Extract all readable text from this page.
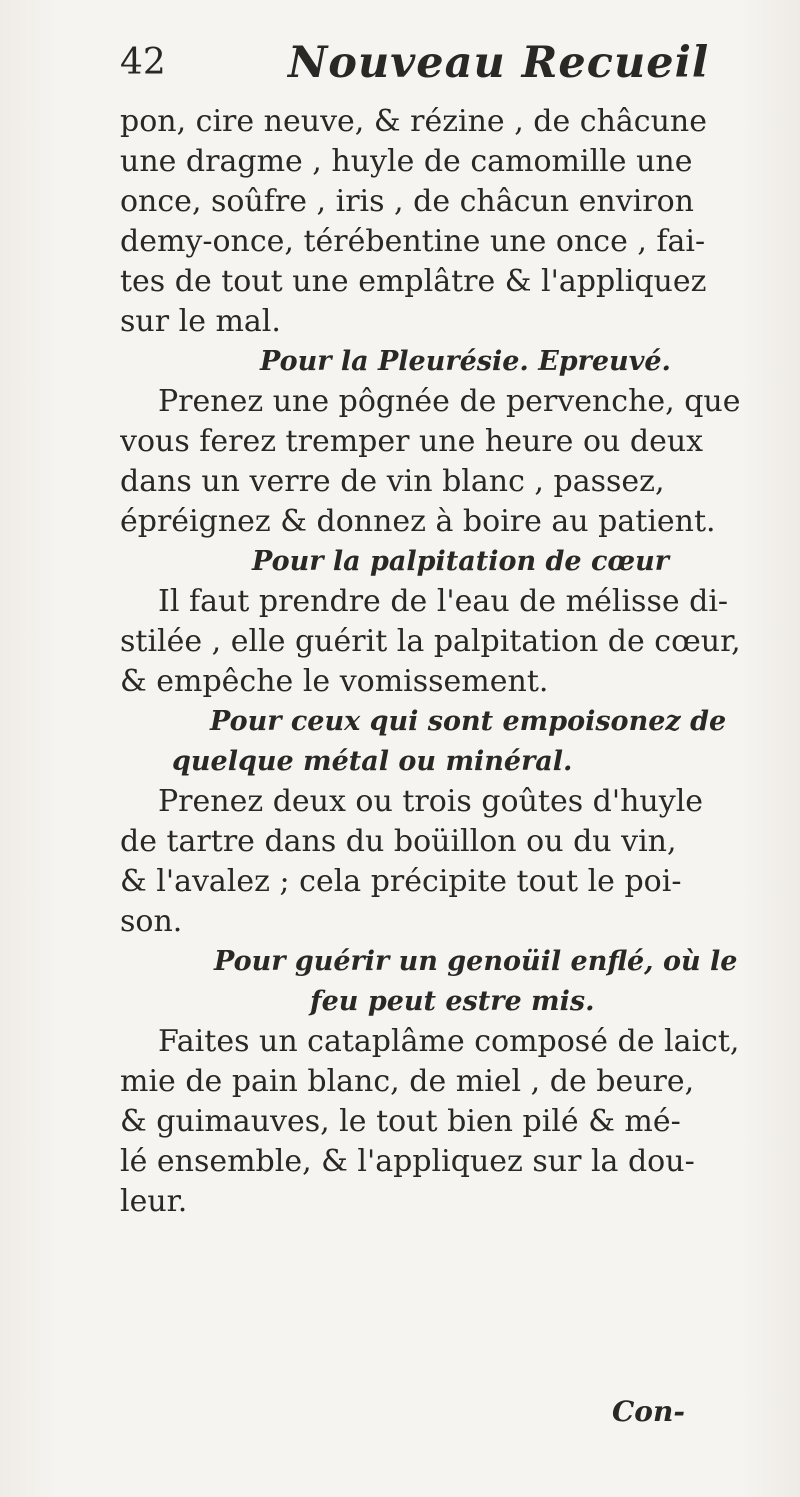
42	Nouveau Recueil
pon, cire neuve, & rézine , de châcune
une dragme , huyle de camomille une
once, soûfre , iris , de châcun environ
demy-once, térébentine une once , fai-
tes de tout une emplâtre & l'appliquez
sur le mal.
Pour la Pleurésie. Epreuvé.
Prenez une pôgnée de pervenche, que
vous ferez tremper une heure ou deux
dans un verre de vin blanc , passez,
épréignez & donnez à boire au patient.
Pour la palpitation de cœur
Il faut prendre de l'eau de mélisse di-
stilée , elle guérit la palpitation de cœur,
& empêche le vomissement.
Pour ceux qui sont empoisonez de
quelque métal ou minéral.
Prenez deux ou trois goûtes d'huyle
de tartre dans du boüillon ou du vin,
& l'avalez ; cela précipite tout le poi-
son.
Pour guérir un genoüil enflé, où le
feu peut estre mis.
Faites un cataplâme composé de laict,
mie de pain blanc, de miel , de beure,
& guimauves, le tout bien pilé & mé-
lé ensemble, & l'appliquez sur la dou-
leur.
Con-
